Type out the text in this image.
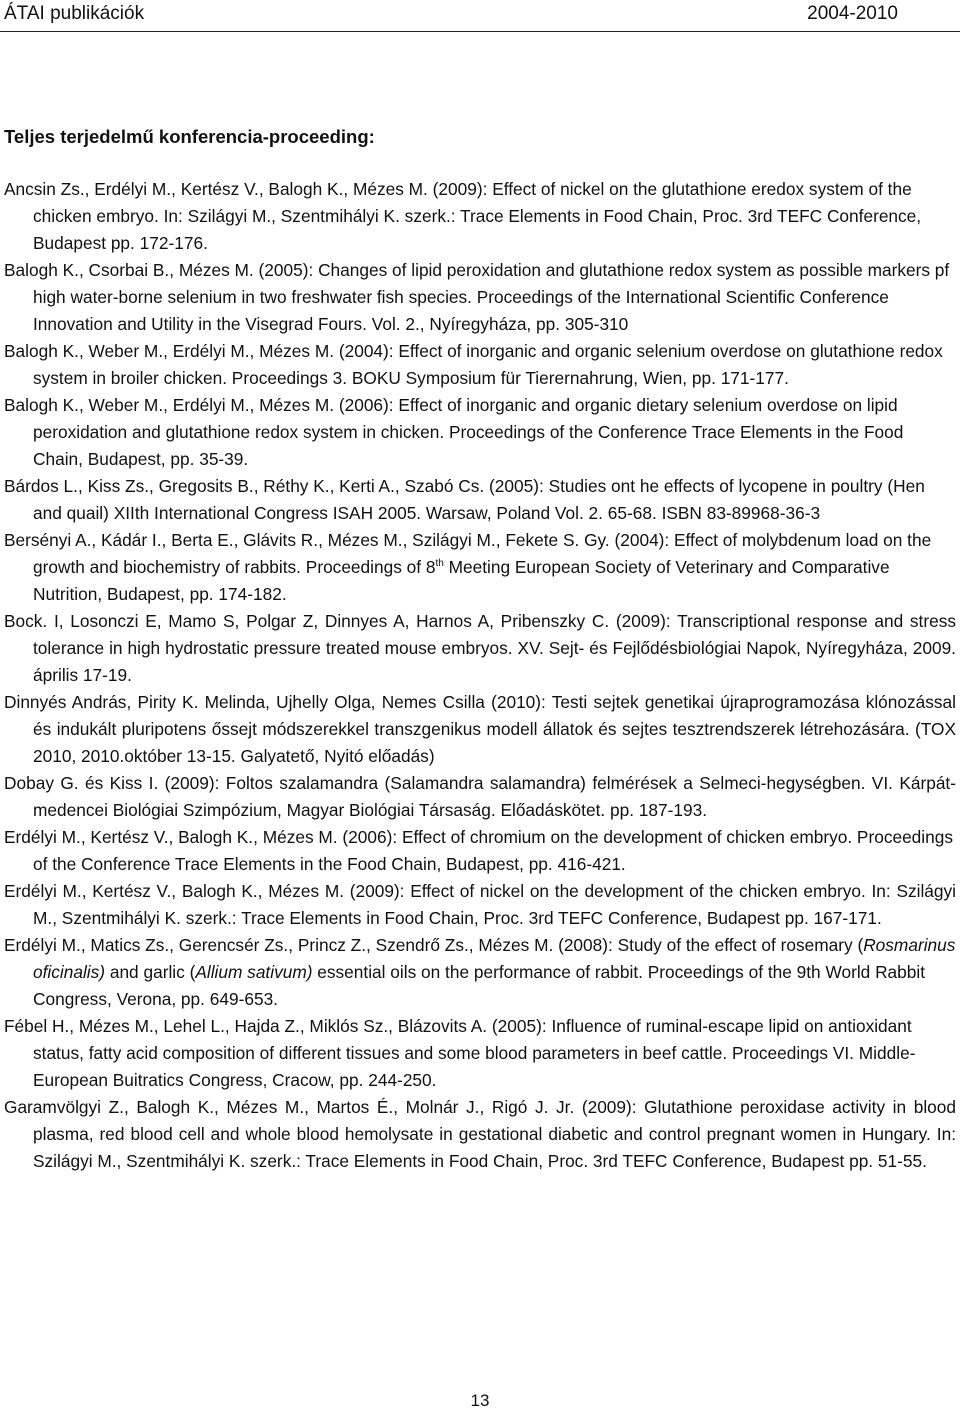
ÁTAI publikációk	2004-2010
Teljes terjedelmű konferencia-proceeding:

Ancsin Zs., Erdélyi M., Kertész V., Balogh K., Mézes M. (2009): Effect of nickel on the glutathione eredox system of the chicken embryo. In: Szilágyi M., Szentmihályi K. szerk.: Trace Elements in Food Chain, Proc. 3rd TEFC Conference, Budapest pp. 172-176.

Balogh K., Csorbai B., Mézes M. (2005): Changes of lipid peroxidation and glutathione redox system as possible markers pf high water-borne selenium in two freshwater fish species. Proceedings of the International Scientific Conference Innovation and Utility in the Visegrad Fours. Vol. 2., Nyíregyháza, pp. 305-310

Balogh K., Weber M., Erdélyi M., Mézes M. (2004): Effect of inorganic and organic selenium overdose on glutathione redox system in broiler chicken. Proceedings 3. BOKU Symposium für Tierernahrung, Wien, pp. 171-177.

Balogh K., Weber M., Erdélyi M., Mézes M. (2006): Effect of inorganic and organic dietary selenium overdose on lipid peroxidation and glutathione redox system in chicken. Proceedings of the Conference Trace Elements in the Food Chain, Budapest, pp. 35-39.

Bárdos L., Kiss Zs., Gregosits B., Réthy K., Kerti A., Szabó Cs. (2005): Studies ont he effects of lycopene in poultry (Hen and quail) XIIth International Congress ISAH 2005. Warsaw, Poland Vol. 2. 65-68. ISBN 83-89968-36-3

Bersényi A., Kádár I., Berta E., Glávits R., Mézes M., Szilágyi M., Fekete S. Gy. (2004): Effect of molybdenum load on the growth and biochemistry of rabbits. Proceedings of 8th Meeting European Society of Veterinary and Comparative Nutrition, Budapest, pp. 174-182.

Bock. I, Losonczi E, Mamo S, Polgar Z, Dinnyes A, Harnos A, Pribenszky C. (2009): Transcriptional response and stress tolerance in high hydrostatic pressure treated mouse embryos. XV. Sejt- és Fejlődésbiológiai Napok, Nyíregyháza, 2009. április 17-19.

Dinnyés András, Pirity K. Melinda, Ujhelly Olga, Nemes Csilla (2010): Testi sejtek genetikai újraprogramozása klónozással és indukált pluripotens őssejt módszerekkel transzgenikus modell állatok és sejtes tesztrendszerek létrehozására. (TOX 2010, 2010.október 13-15. Galyatető, Nyitó előadás)

Dobay G. és Kiss I. (2009): Foltos szalamandra (Salamandra salamandra) felmérések a Selmeci-hegységben. VI. Kárpát-medencei Biológiai Szimpózium, Magyar Biológiai Társaság. Előadáskötet. pp. 187-193.

Erdélyi M., Kertész V., Balogh K., Mézes M. (2006): Effect of chromium on the development of chicken embryo. Proceedings of the Conference Trace Elements in the Food Chain, Budapest, pp. 416-421.

Erdélyi M., Kertész V., Balogh K., Mézes M. (2009): Effect of nickel on the development of the chicken embryo. In: Szilágyi M., Szentmihályi K. szerk.: Trace Elements in Food Chain, Proc. 3rd TEFC Conference, Budapest pp. 167-171.

Erdélyi M., Matics Zs., Gerencsér Zs., Princz Z., Szendrő Zs., Mézes M. (2008): Study of the effect of rosemary (Rosmarinus oficinalis) and garlic (Allium sativum) essential oils on the performance of rabbit. Proceedings of the 9th World Rabbit Congress, Verona, pp. 649-653.

Fébel H., Mézes M., Lehel L., Hajda Z., Miklós Sz., Blázovits A. (2005): Influence of ruminal-escape lipid on antioxidant status, fatty acid composition of different tissues and some blood parameters in beef cattle. Proceedings VI. Middle-European Buitratics Congress, Cracow, pp. 244-250.

Garamvölgyi Z., Balogh K., Mézes M., Martos É., Molnár J., Rigó J. Jr. (2009): Glutathione peroxidase activity in blood plasma, red blood cell and whole blood hemolysate in gestational diabetic and control pregnant women in Hungary. In: Szilágyi M., Szentmihályi K. szerk.: Trace Elements in Food Chain, Proc. 3rd TEFC Conference, Budapest pp. 51-55.

13
